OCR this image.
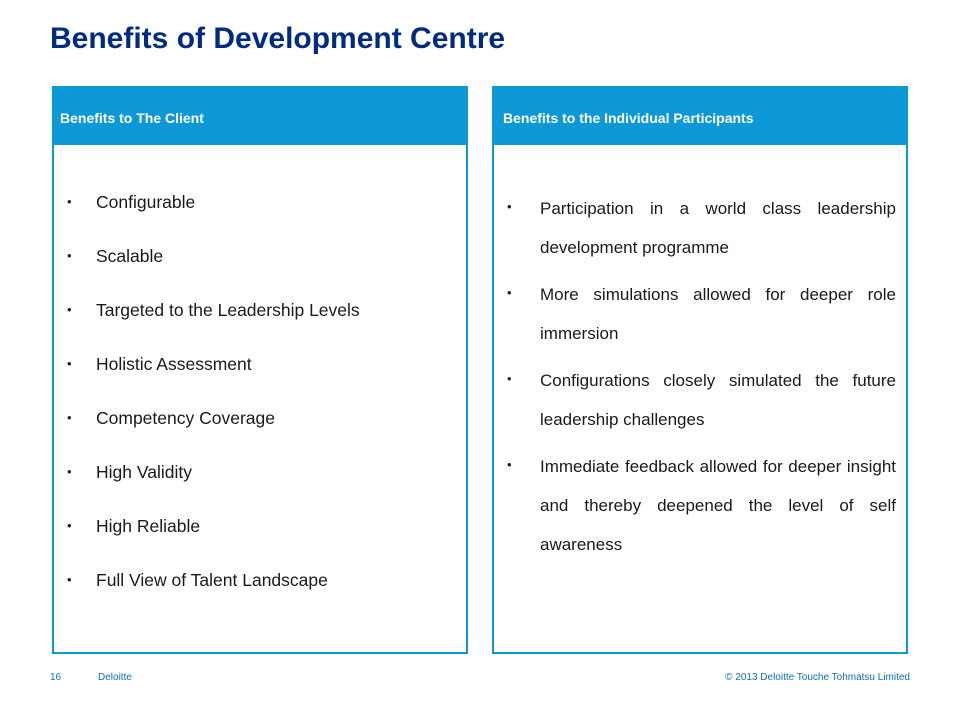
Benefits of Development Centre
Benefits to The Client
• Configurable
• Scalable
• Targeted to the Leadership Levels
• Holistic Assessment
• Competency Coverage
• High Validity
• High Reliable
• Full View of Talent Landscape
Benefits to the Individual Participants
• Participation in a world class leadership development programme
• More simulations allowed for deeper role immersion
• Configurations closely simulated the future leadership challenges
• Immediate feedback allowed for deeper insight and thereby deepened the level of self awareness
16	Deloitte	© 2013 Deloitte Touche Tohmatsu Limited
